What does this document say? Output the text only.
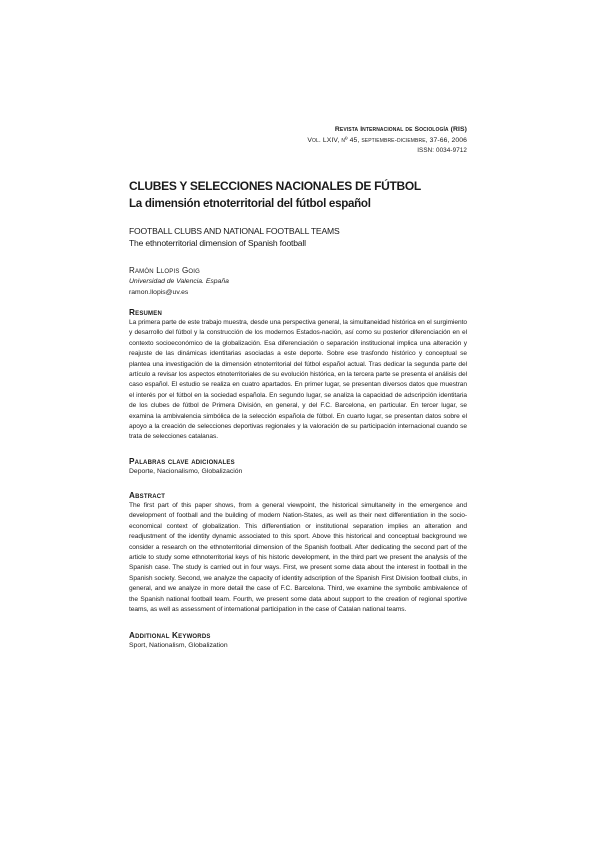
Revista Internacional de Sociología (RIS)
Vol. LXIV, nº 45, septiembre-diciembre, 37-66, 2006
ISSN: 0034-9712
CLUBES Y SELECCIONES NACIONALES DE FÚTBOL
La dimensión etnoterritorial del fútbol español
FOOTBALL CLUBS AND NATIONAL FOOTBALL TEAMS
The ethnoterritorial dimension of Spanish football
Ramón Llopis Goig
Universidad de Valencia. España
ramon.llopis@uv.es
Resumen
La primera parte de este trabajo muestra, desde una perspectiva general, la simultaneidad histórica en el surgimiento y desarrollo del fútbol y la construcción de los modernos Estados-nación, así como su posterior diferenciación en el contexto socioeconómico de la globalización. Esa diferenciación o separación institucional implica una alteración y reajuste de las dinámicas identitarias asociadas a este deporte. Sobre ese trasfondo histórico y conceptual se plantea una investigación de la dimensión etnoterritorial del fútbol español actual. Tras dedicar la segunda parte del artículo a revisar los aspectos etnoterritoriales de su evolución histórica, en la tercera parte se presenta el análisis del caso español. El estudio se realiza en cuatro apartados. En primer lugar, se presentan diversos datos que muestran el interés por el fútbol en la sociedad española. En segundo lugar, se analiza la capacidad de adscripción identitaria de los clubes de fútbol de Primera División, en general, y del F.C. Barcelona, en particular. En tercer lugar, se examina la ambivalencia simbólica de la selección española de fútbol. En cuarto lugar, se presentan datos sobre el apoyo a la creación de selecciones deportivas regionales y la valoración de su participación internacional cuando se trata de selecciones catalanas.
Palabras clave adicionales
Deporte, Nacionalismo, Globalización
Abstract
The first part of this paper shows, from a general viewpoint, the historical simultaneity in the emergence and development of football and the building of modern Nation-States, as well as their next differentiation in the socio-economical context of globalization. This differentiation or institutional separation implies an alteration and readjustment of the identity dynamic associated to this sport. Above this historical and conceptual background we consider a research on the ethnoterritorial dimension of the Spanish football. After dedicating the second part of the article to study some ethnoterritorial keys of his historic development, in the third part we present the analysis of the Spanish case. The study is carried out in four ways. First, we present some data about the interest in football in the Spanish society. Second, we analyze the capacity of identity adscription of the Spanish First Division football clubs, in general, and we analyze in more detail the case of F.C. Barcelona. Third, we examine the symbolic ambivalence of the Spanish national football team. Fourth, we present some data about support to the creation of regional sportive teams, as well as assessment of international participation in the case of Catalan national teams.
Additional Keywords
Sport, Nationalism, Globalization
